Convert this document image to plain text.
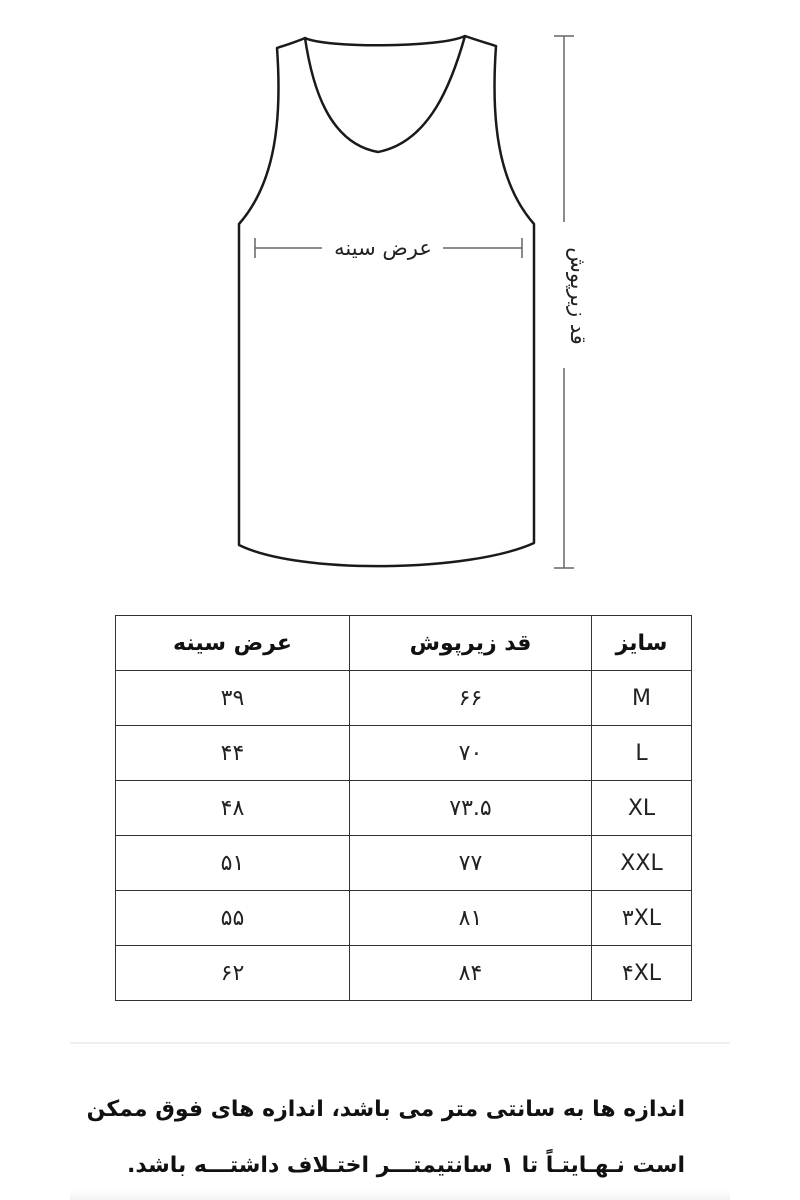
عرض سینه	قد زیرپوش
سایز	قد زیرپوش	عرض سینه
M	۶۶	۳۹
L	۷۰	۴۴
XL	۷۳.۵	۴۸
XXL	۷۷	۵۱
۳XL	۸۱	۵۵
۴XL	۸۴	۶۲
اندازه ها به سانتی متر می باشد، اندازه های فوق ممکن
است نـهـایتـاً تا ۱ سانتیمتـــر اختـلاف داشتـــه باشد.
